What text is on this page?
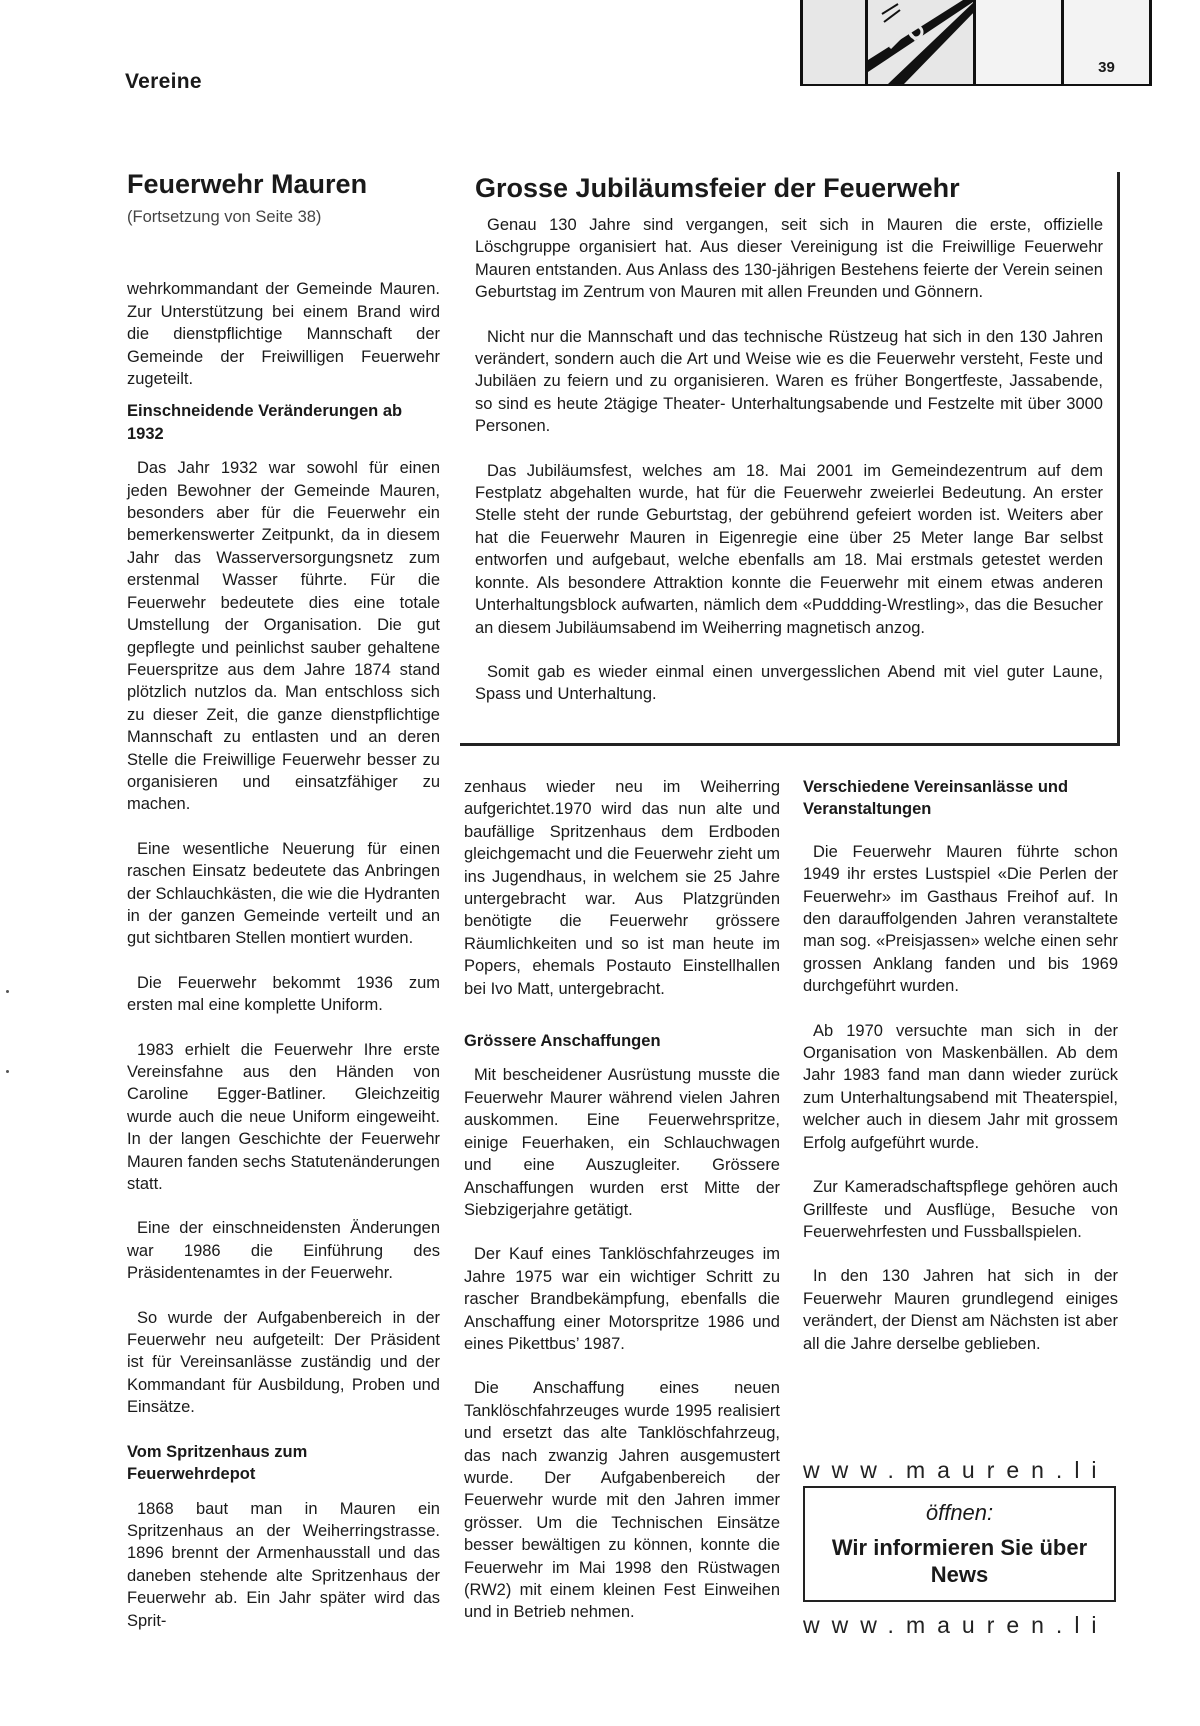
Vereine
39
Feuerwehr Mauren
(Fortsetzung von Seite 38)

wehrkommandant der Gemeinde Mauren. Zur Unterstützung bei einem Brand wird die dienstpflichtige Mannschaft der Gemeinde der Freiwilligen Feuerwehr zugeteilt.

Einschneidende Veränderungen ab 1932

Das Jahr 1932 war sowohl für einen jeden Bewohner der Gemeinde Mauren, besonders aber für die Feuerwehr ein bemerkenswerter Zeitpunkt, da in diesem Jahr das Wasserversorgungsnetz zum erstenmal Wasser führte. Für die Feuerwehr bedeutete dies eine totale Umstellung der Organisation. Die gut gepflegte und peinlichst sauber gehaltene Feuerspritze aus dem Jahre 1874 stand plötzlich nutzlos da. Man entschloss sich zu dieser Zeit, die ganze dienstpflichtige Mannschaft zu entlasten und an deren Stelle die Freiwillige Feuerwehr besser zu organisieren und einsatzfähiger zu machen.

Eine wesentliche Neuerung für einen raschen Einsatz bedeutete das Anbringen der Schlauchkästen, die wie die Hydranten in der ganzen Gemeinde verteilt und an gut sichtbaren Stellen montiert wurden.

Die Feuerwehr bekommt 1936 zum ersten mal eine komplette Uniform.

1983 erhielt die Feuerwehr Ihre erste Vereinsfahne aus den Händen von Caroline Egger-Batliner. Gleichzeitig wurde auch die neue Uniform eingeweiht. In der langen Geschichte der Feuerwehr Mauren fanden sechs Statutenänderungen statt.

Eine der einschneidensten Änderungen war 1986 die Einführung des Präsidentenamtes in der Feuerwehr.

So wurde der Aufgabenbereich in der Feuerwehr neu aufgeteilt: Der Präsident ist für Vereinsanlässe zuständig und der Kommandant für Ausbildung, Proben und Einsätze.

Vom Spritzenhaus zum Feuerwehrdepot

1868 baut man in Mauren ein Spritzenhaus an der Weiherringstrasse. 1896 brennt der Armenhausstall und das daneben stehende alte Spritzenhaus der Feuerwehr ab. Ein Jahr später wird das Sprit-

Grosse Jubiläumsfeier der Feuerwehr

Genau 130 Jahre sind vergangen, seit sich in Mauren die erste, offizielle Löschgruppe organisiert hat. Aus dieser Vereinigung ist die Freiwillige Feuerwehr Mauren entstanden. Aus Anlass des 130-jährigen Bestehens feierte der Verein seinen Geburtstag im Zentrum von Mauren mit allen Freunden und Gönnern.

Nicht nur die Mannschaft und das technische Rüstzeug hat sich in den 130 Jahren verändert, sondern auch die Art und Weise wie es die Feuerwehr versteht, Feste und Jubiläen zu feiern und zu organisieren. Waren es früher Bongertfeste, Jassabende, so sind es heute 2tägige Theater- Unterhaltungsabende und Festzelte mit über 3000 Personen.

Das Jubiläumsfest, welches am 18. Mai 2001 im Gemeindezentrum auf dem Festplatz abgehalten wurde, hat für die Feuerwehr zweierlei Bedeutung. An erster Stelle steht der runde Geburtstag, der gebührend gefeiert worden ist. Weiters aber hat die Feuerwehr Mauren in Eigenregie eine über 25 Meter lange Bar selbst entworfen und aufgebaut, welche ebenfalls am 18. Mai erstmals getestet werden konnte. Als besondere Attraktion konnte die Feuerwehr mit einem etwas anderen Unterhaltungsblock aufwarten, nämlich dem «Puddding-Wrestling», das die Besucher an diesem Jubiläumsabend im Weiherring magnetisch anzog.

Somit gab es wieder einmal einen unvergesslichen Abend mit viel guter Laune, Spass und Unterhaltung.

zenhaus wieder neu im Weiherring aufgerichtet.1970 wird das nun alte und baufällige Spritzenhaus dem Erdboden gleichgemacht und die Feuerwehr zieht um ins Jugendhaus, in welchem sie 25 Jahre untergebracht war. Aus Platzgründen benötigte die Feuerwehr grössere Räumlichkeiten und so ist man heute im Popers, ehemals Postauto Einstellhallen bei Ivo Matt, untergebracht.

Grössere Anschaffungen

Mit bescheidener Ausrüstung musste die Feuerwehr Maurer während vielen Jahren auskommen. Eine Feuerwehrspritze, einige Feuerhaken, ein Schlauchwagen und eine Auszugleiter. Grössere Anschaffungen wurden erst Mitte der Siebzigerjahre getätigt.

Der Kauf eines Tanklöschfahrzeuges im Jahre 1975 war ein wichtiger Schritt zu rascher Brandbekämpfung, ebenfalls die Anschaffung einer Motorspritze 1986 und eines Pikettbus’ 1987.

Die Anschaffung eines neuen Tanklöschfahrzeuges wurde 1995 realisiert und ersetzt das alte Tanklöschfahrzeug, das nach zwanzig Jahren ausgemustert wurde. Der Aufgabenbereich der Feuerwehr wurde mit den Jahren immer grösser. Um die Technischen Einsätze besser bewältigen zu können, konnte die Feuerwehr im Mai 1998 den Rüstwagen (RW2) mit einem kleinen Fest Einweihen und in Betrieb nehmen.

Verschiedene Vereinsanlässe und Veranstaltungen

Die Feuerwehr Mauren führte schon 1949 ihr erstes Lustspiel «Die Perlen der Feuerwehr» im Gasthaus Freihof auf. In den darauffolgenden Jahren veranstaltete man sog. «Preisjassen» welche einen sehr grossen Anklang fanden und bis 1969 durchgeführt wurden.

Ab 1970 versuchte man sich in der Organisation von Maskenbällen. Ab dem Jahr 1983 fand man dann wieder zurück zum Unterhaltungsabend mit Theaterspiel, welcher auch in diesem Jahr mit grossem Erfolg aufgeführt wurde.

Zur Kameradschaftspflege gehören auch Grillfeste und Ausflüge, Besuche von Feuerwehrfesten und Fussballspielen.

In den 130 Jahren hat sich in der Feuerwehr Mauren grundlegend einiges verändert, der Dienst am Nächsten ist aber all die Jahre derselbe geblieben.

www.mauren.li
öffnen:
Wir informieren Sie über News
www.mauren.li
